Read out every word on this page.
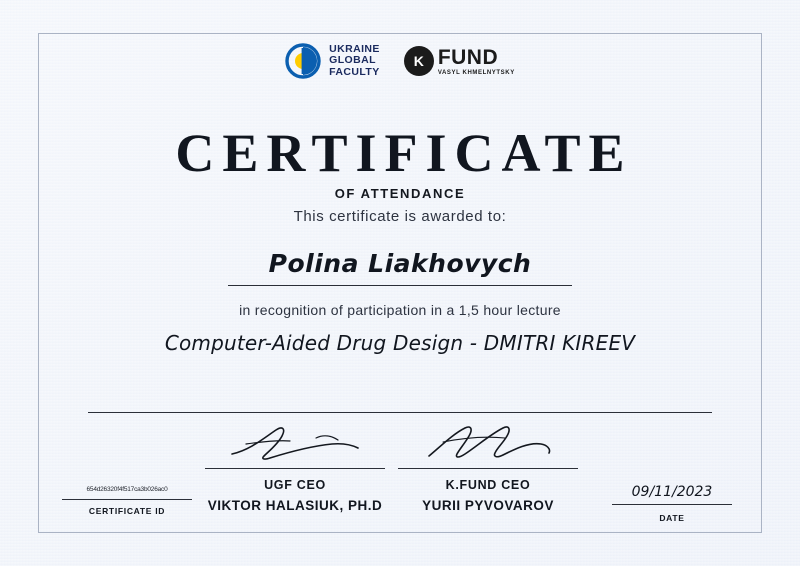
UKRAINE
GLOBAL
FACULTY
K FUND
VASYL KHMELNYTSKY
CERTIFICATE
OF ATTENDANCE
This certificate is awarded to:
Polina Liakhovych
in recognition of participation in a 1,5 hour lecture
Computer-Aided Drug Design - DMITRI KIREEV
UGF CEO
VIKTOR HALASIUK, PH.D
K.FUND CEO
YURII PYVOVAROV
654d26320f4f517ca3b026ac0
CERTIFICATE ID
09/11/2023
DATE
